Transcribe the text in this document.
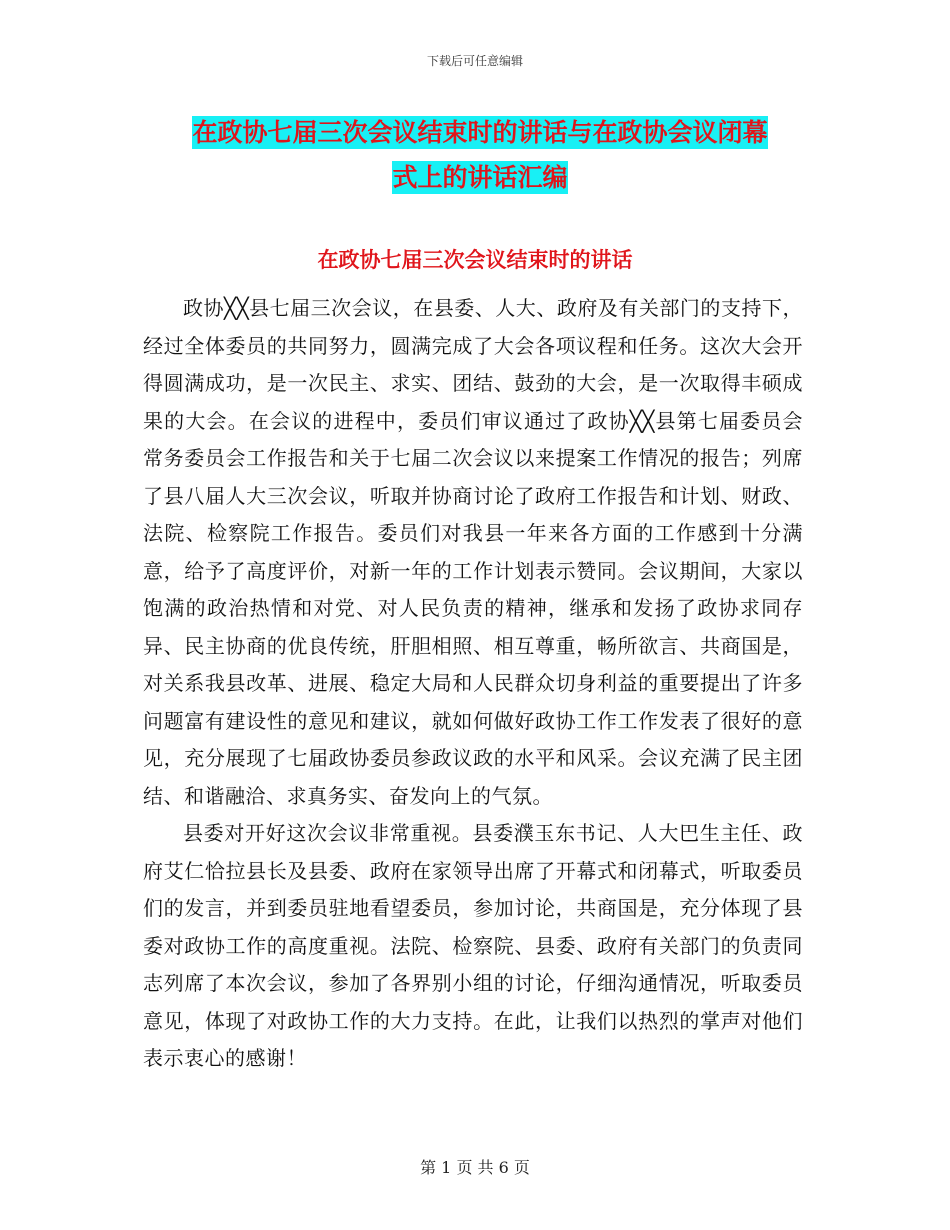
下载后可任意编辑
在政协七届三次会议结束时的讲话与在政协会议闭幕
式上的讲话汇编
在政协七届三次会议结束时的讲话

政协╳╳县七届三次会议，在县委、人大、政府及有关部门的支持下，经过全体委员的共同努力，圆满完成了大会各项议程和任务。这次大会开得圆满成功，是一次民主、求实、团结、鼓劲的大会，是一次取得丰硕成果的大会。在会议的进程中，委员们审议通过了政协╳╳县第七届委员会常务委员会工作报告和关于七届二次会议以来提案工作情况的报告；列席了县八届人大三次会议，听取并协商讨论了政府工作报告和计划、财政、法院、检察院工作报告。委员们对我县一年来各方面的工作感到十分满意，给予了高度评价，对新一年的工作计划表示赞同。会议期间，大家以饱满的政治热情和对党、对人民负责的精神，继承和发扬了政协求同存异、民主协商的优良传统，肝胆相照、相互尊重，畅所欲言、共商国是，对关系我县改革、进展、稳定大局和人民群众切身利益的重要提出了许多问题富有建设性的意见和建议，就如何做好政协工作工作发表了很好的意见，充分展现了七届政协委员参政议政的水平和风采。会议充满了民主团结、和谐融洽、求真务实、奋发向上的气氛。

县委对开好这次会议非常重视。县委濮玉东书记、人大巴生主任、政府艾仁恰拉县长及县委、政府在家领导出席了开幕式和闭幕式，听取委员们的发言，并到委员驻地看望委员，参加讨论，共商国是，充分体现了县委对政协工作的高度重视。法院、检察院、县委、政府有关部门的负责同志列席了本次会议，参加了各界别小组的讨论，仔细沟通情况，听取委员意见，体现了对政协工作的大力支持。在此，让我们以热烈的掌声对他们表示衷心的感谢！

第 1 页 共 6 页
